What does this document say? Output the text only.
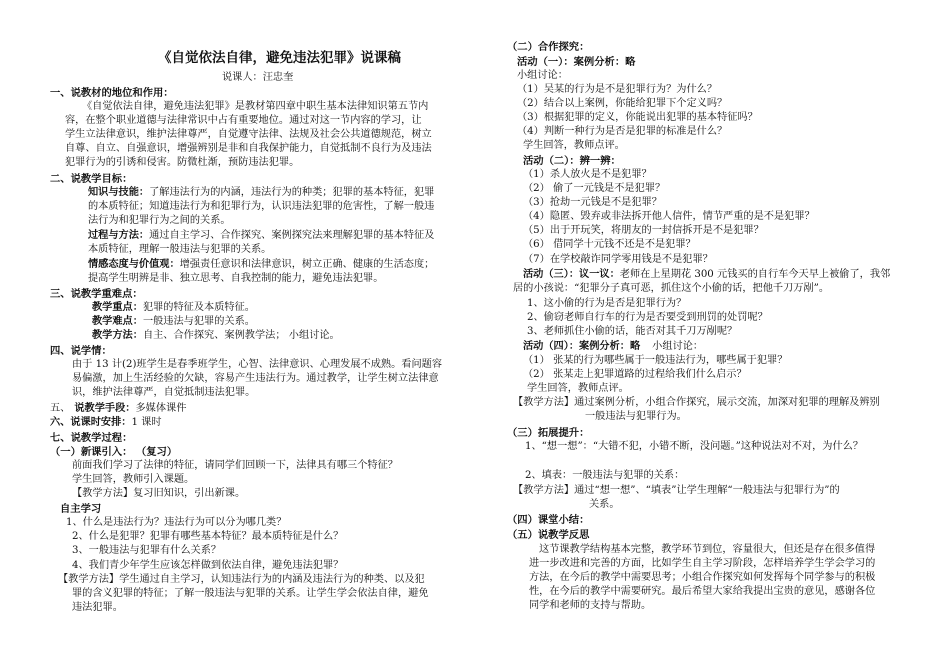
《自觉依法自律，避免违法犯罪》说课稿
说课人：汪忠奎
一、说教材的地位和作用：
《自觉依法自律，避免违法犯罪》是教材第四章中职生基本法律知识第五节内
容，在整个职业道德与法律常识中占有重要地位。通过对这一节内容的学习，让
学生立法律意识，维护法律尊严，自觉遵守法律、法规及社会公共道德规范，树立
自尊、自立、自强意识，增强辨别是非和自我保护能力，自觉抵制不良行为及违法
犯罪行为的引诱和侵害。防微杜渐，预防违法犯罪。
二、说教学目标：
知识与技能：了解违法行为的内涵，违法行为的种类；犯罪的基本特征，犯罪
的本质特征；知道违法行为和犯罪行为，认识违法犯罪的危害性，了解一般违
法行为和犯罪行为之间的关系。
过程与方法：通过自主学习、合作探究、案例探究法来理解犯罪的基本特征及
本质特征，理解一般违法与犯罪的关系。
情感态度与价值观：增强责任意识和法律意识，树立正确、健康的生活态度；
提高学生明辨是非、独立思考、自我控制的能力，避免违法犯罪。
三、说教学重难点：
教学重点：犯罪的特征及本质特征。
教学难点：一般违法与犯罪的关系。
教学方法：自主、合作探究、案例教学法； 小组讨论。
四、说学情：
由于 13 计(2)班学生是春季班学生，心智、法律意识、心理发展不成熟。看问题容
易偏激，加上生活经验的欠缺，容易产生违法行为。通过教学，让学生树立法律意
识，维护法律尊严，自觉抵制违法犯罪。
五、 说教学手段：多媒体课件
六、说课时安排：1 课时
七、说教学过程：
（一）新课引入： （复习）
前面我们学习了法律的特征，请同学们回顾一下，法律具有哪三个特征？
学生回答，教师引入课题。
【教学方法】复习旧知识，引出新课。
自主学习
1、什么是违法行为？违法行为可以分为哪几类？
2、什么是犯罪？犯罪有哪些基本特征？最本质特征是什么？
3、一般违法与犯罪有什么关系？
4、我们青少年学生应该怎样做到依法自律，避免违法犯罪？
【教学方法】学生通过自主学习，认知违法行为的内涵及违法行为的种类、以及犯
罪的含义犯罪的特征；了解一般违法与犯罪的关系。让学生学会依法自律，避免
违法犯罪。
（二）合作探究：
活动（一）：案例分析：略
小组讨论：
（1）吴某的行为是不是犯罪行为？为什么？
（2）结合以上案例，你能给犯罪下个定义吗？
（3）根据犯罪的定义，你能说出犯罪的基本特征吗？
（4）判断一种行为是否是犯罪的标准是什么？
学生回答，教师点评。
活动（二）：辨一辨：
（1）杀人放火是不是犯罪？
（2） 偷了一元钱是不是犯罪？
（3）抢劫一元钱是不是犯罪？
（4）隐匿、毁弃或非法拆开他人信件，情节严重的是不是犯罪？
（5）出于开玩笑，将朋友的一封信拆开是不是犯罪？
（6） 借同学十元钱不还是不是犯罪？
（7）在学校敲诈同学零用钱是不是犯罪？
活动（三）：议一议：老师在上星期花 300 元钱买的自行车今天早上被偷了，我邻
居的小孩说：“犯罪分子真可恶，抓住这个小偷的话，把他千刀万剐”。
1、这小偷的行为是否是犯罪行为？
2、偷窃老师自行车的行为是否要受到刑罚的处罚呢？
3、老师抓住小偷的话，能否对其千刀万剐呢？
活动（四）：案例分析：略 小组讨论：
（1） 张某的行为哪些属于一般违法行为，哪些属于犯罪？
（2） 张某走上犯罪道路的过程给我们什么启示？
学生回答，教师点评。
【教学方法】通过案例分析，小组合作探究，展示交流，加深对犯罪的理解及辨别
一般违法与犯罪行为。
（三）拓展提升：
1、“想一想”：“大错不犯，小错不断，没问题。”这种说法对不对，为什么？
2、填表：一般违法与犯罪的关系：
【教学方法】通过“想一想”、“填表”让学生理解“一般违法与犯罪行为”的
关系。
（四）课堂小结：
（五）说教学反思
这节课教学结构基本完整，教学环节到位，容量很大，但还是存在很多值得
进一步改进和完善的方面，比如学生自主学习阶段，怎样培养学生学会学习的
方法，在今后的教学中需要思考；小组合作探究如何发挥每个同学参与的积极
性，在今后的教学中需要研究。最后希望大家给我提出宝贵的意见，感谢各位
同学和老师的支持与帮助。
